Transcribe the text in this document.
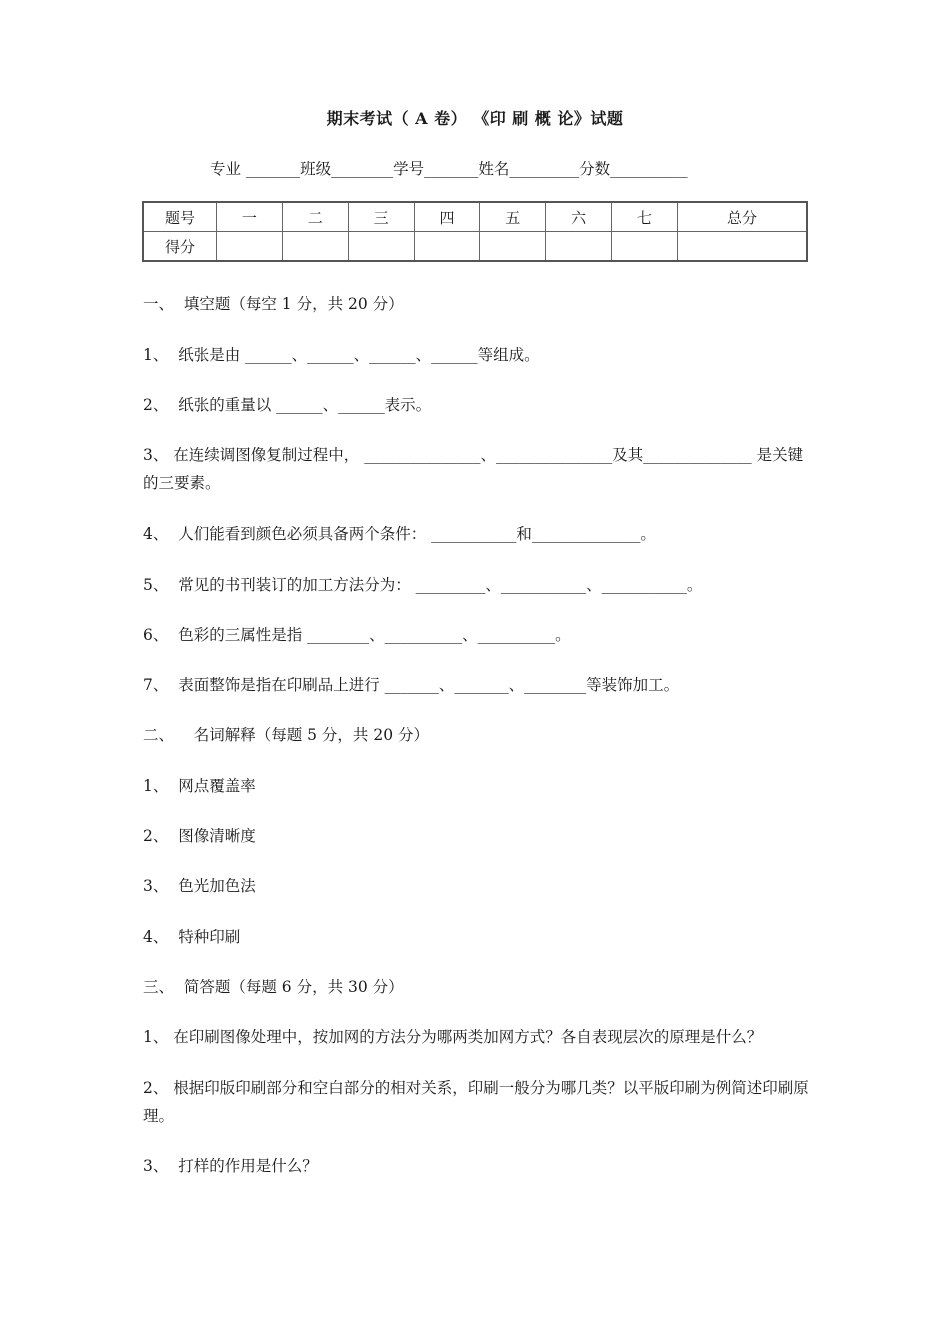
期末考试（ A 卷） 《印 刷 概 论》试题
专业 _______班级________学号_______姓名_________分数__________
题号	一	二	三	四	五	六	七	总分
得分								
一、  填空题（每空 1 分，共 20 分）
1、  纸张是由 ______、______、______、______等组成。
2、  纸张的重量以 ______、______表示。
3、 在连续调图像复制过程中， _______________、_______________及其______________ 是关键的三要素。
4、  人们能看到颜色必须具备两个条件： ___________和______________。
5、  常见的书刊装订的加工方法分为： _________、___________、___________。
6、  色彩的三属性是指 ________、__________、__________。
7、  表面整饰是指在印刷品上进行 _______、_______、________等装饰加工。
二、    名词解释（每题 5 分，共 20 分）
1、  网点覆盖率
2、  图像清晰度
3、  色光加色法
4、  特种印刷
三、  简答题（每题 6 分，共 30 分）
1、 在印刷图像处理中，按加网的方法分为哪两类加网方式？各自表现层次的原理是什么？
2、 根据印版印刷部分和空白部分的相对关系，印刷一般分为哪几类？以平版印刷为例简述印刷原理。
3、  打样的作用是什么？
